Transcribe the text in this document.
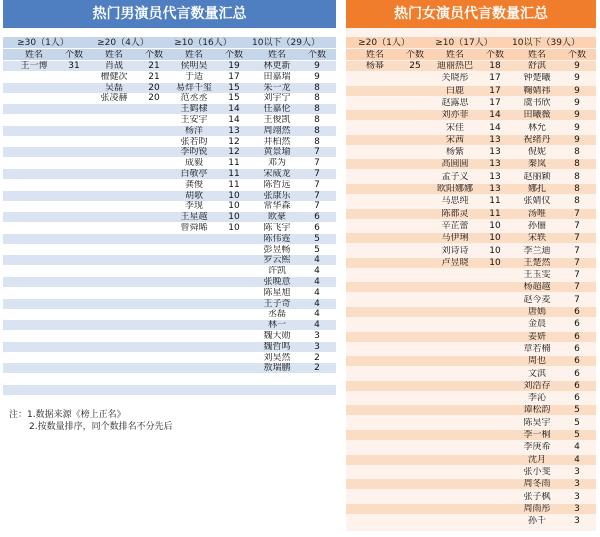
热门男演员代言数量汇总
≥30（1人）
姓名	个数
王一博	31
≥20（4人）
姓名	个数
肖战	21
檀健次	21
吴磊	20
张凌赫	20
≥10（16人）
姓名	个数
侯明昊	19
于适	17
易烊千玺	15
范丞丞	15
王鹤棣	14
王安宇	14
杨洋	13
张若昀	12
李昀锐	12
成毅	11
白敬亭	11
龚俊	11
胡歌	10
李现	10
王星越	10
曾舜晞	10
10以下（29人）
姓名	个数
林更新	9
田嘉瑞	9
朱一龙	8
刘宇宁	8
任嘉伦	8
王俊凯	8
周翊然	8
井柏然	8
黄景瑜	7
邓为	7
宋威龙	7
陈哲远	7
张康乐	7
常华森	7
欧豪	6
陈飞宇	6
陈伟霆	5
彭昱畅	5
罗云熙	4
许凯	4
张晚意	4
陈星旭	4
王子奇	4
丞磊	4
林一	4
魏大勋	3
魏哲鸣	3
刘昊然	2
敖瑞鹏	2
热门女演员代言数量汇总
≥20（1人）
姓名	个数
杨幂	25
≥10（17人）
姓名	个数
迪丽热巴	18
关晓彤	17
白鹿	17
赵露思	17
刘亦菲	14
宋佳	14
宋茜	13
杨紫	13
高圆圆	13
孟子义	13
欧阳娜娜	13
马思纯	11
陈都灵	11
辛芷蕾	10
马伊琍	10
刘诗诗	10
卢昱晓	10
10以下（39人）
姓名	个数
舒淇	9
钟楚曦	9
鞠婧祎	9
虞书欣	9
田曦薇	9
林允	9
祝绪丹	9
倪妮	8
秦岚	8
赵丽颖	8
娜扎	8
张婧仪	8
汤唯	7
孙俪	7
宋轶	7
李兰迪	7
王楚然	7
王玉雯	7
杨超越	7
赵今麦	7
唐嫣	6
金晨	6
姜妍	6
章若楠	6
周也	6
文淇	6
刘浩存	6
李沁	6
谭松韵	5
陈昊宇	5
李一桐	5
李庚希	4
沈月	4
张小斐	3
周冬雨	3
张子枫	3
周雨彤	3
孙千	3
注：1.数据来源《榜上正名》
2.按数量排序，同个数排名不分先后
